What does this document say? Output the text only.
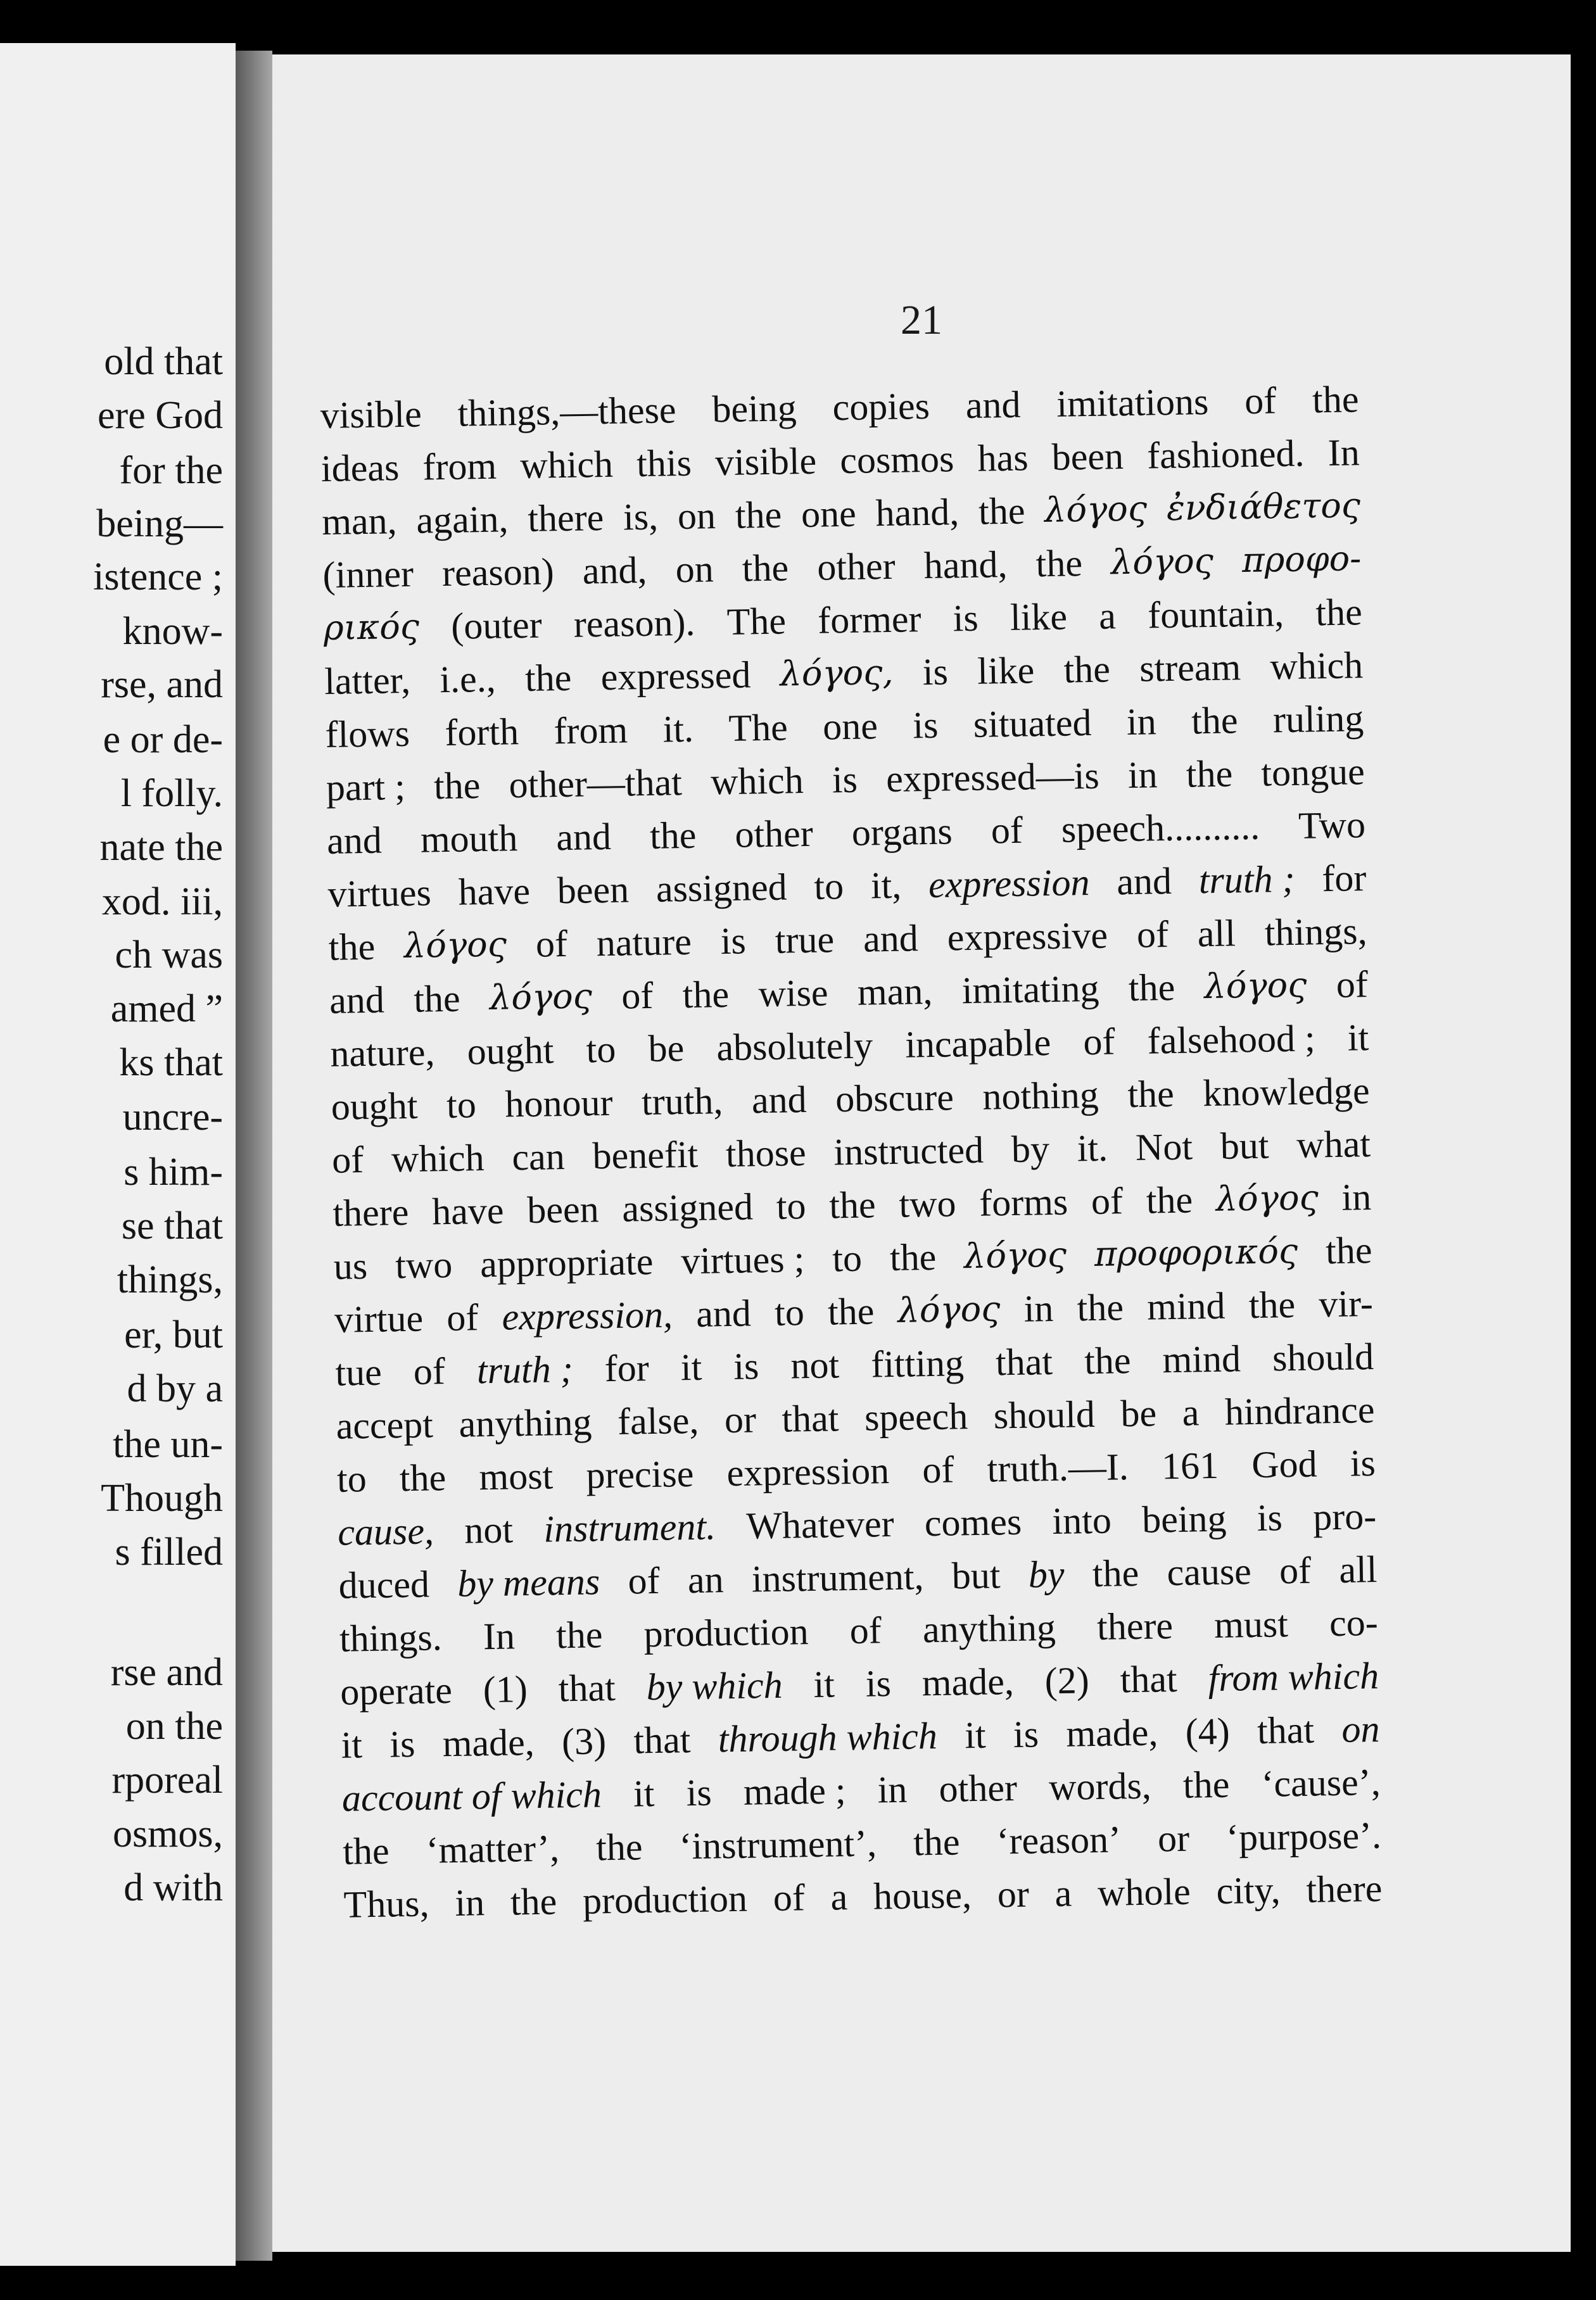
old that
ere God
for the
being—
istence ;
know-
rse, and
e or de-
l folly.
nate the
xod. iii,
ch was
amed ”
ks that
uncre-
s him-
se that
things,
er, but
d by a
the un-
Though
s filled
rse and
on the
rporeal
osmos,
d with
21
visible things,—these being copies and imitations of the
ideas from which this visible cosmos has been fashioned. In
man, again, there is, on the one hand, the λόγος ἐνδιάθετος
(inner reason) and, on the other hand, the λόγος προφο-
ρικός (outer reason). The former is like a fountain, the
latter, i.e., the expressed λόγος, is like the stream which
flows forth from it. The one is situated in the ruling
part ; the other—that which is expressed—is in the tongue
and mouth and the other organs of speech.......... Two
virtues have been assigned to it, expression and truth ; for
the λόγος of nature is true and expressive of all things,
and the λόγος of the wise man, imitating the λόγος of
nature, ought to be absolutely incapable of falsehood ; it
ought to honour truth, and obscure nothing the knowledge
of which can benefit those instructed by it. Not but what
there have been assigned to the two forms of the λόγος in
us two appropriate virtues ; to the λόγος προφορικός the
virtue of expression, and to the λόγος in the mind the vir-
tue of truth ; for it is not fitting that the mind should
accept anything false, or that speech should be a hindrance
to the most precise expression of truth.—I. 161 God is
cause, not instrument. Whatever comes into being is pro-
duced by means of an instrument, but by the cause of all
things. In the production of anything there must co-
operate (1) that by which it is made, (2) that from which
it is made, (3) that through which it is made, (4) that on
account of which it is made ; in other words, the ‘cause’,
the ‘matter’, the ‘instrument’, the ‘reason’ or ‘purpose’.
Thus, in the production of a house, or a whole city, there
